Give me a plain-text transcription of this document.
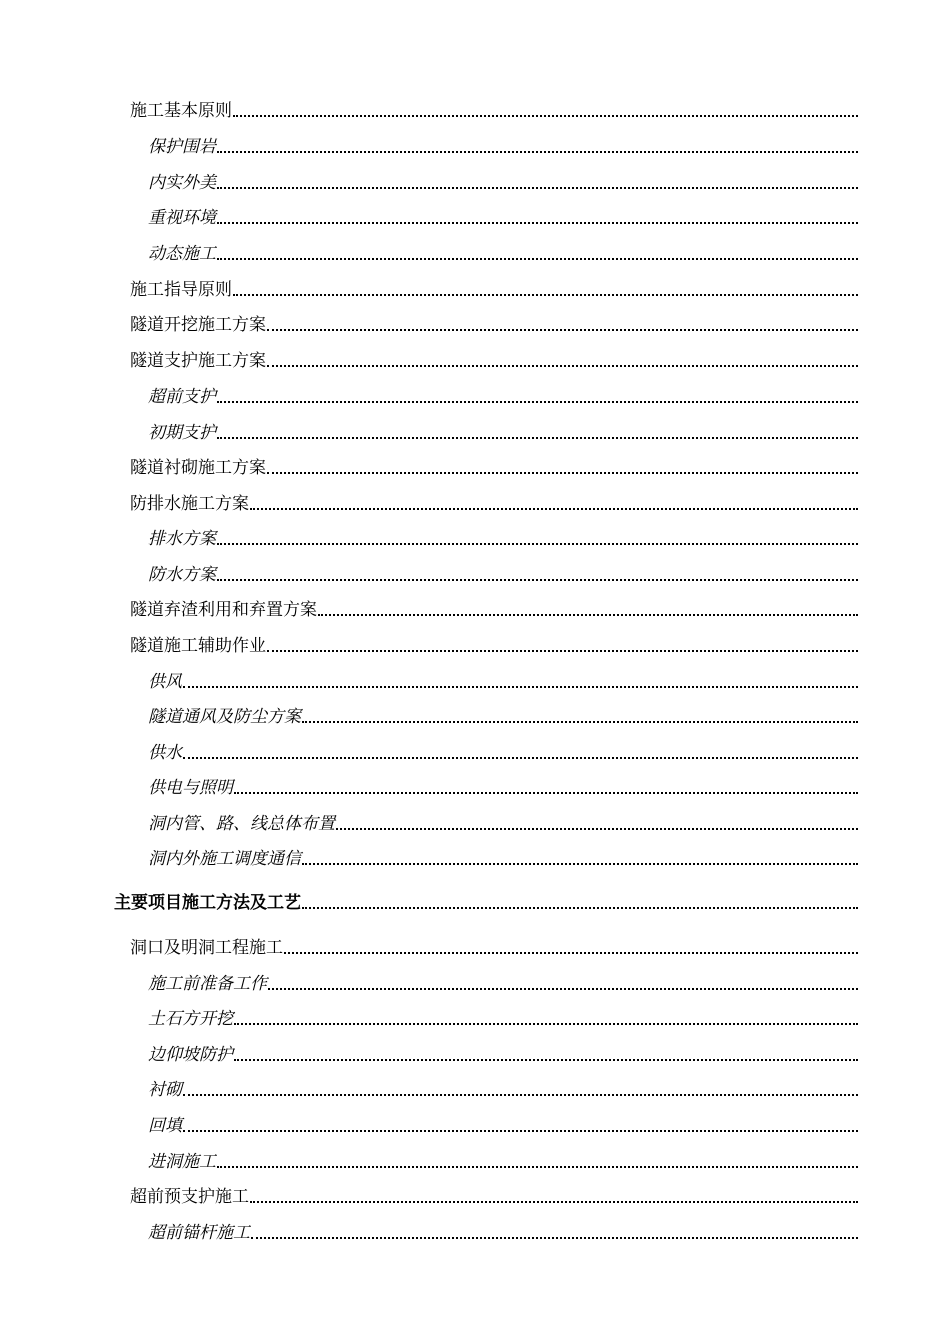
施工基本原则
保护围岩
内实外美
重视环境
动态施工
施工指导原则
隧道开挖施工方案
隧道支护施工方案
超前支护
初期支护
隧道衬砌施工方案
防排水施工方案
排水方案
防水方案
隧道弃渣利用和弃置方案
隧道施工辅助作业
供风
隧道通风及防尘方案
供水
供电与照明
洞内管、路、线总体布置
洞内外施工调度通信
主要项目施工方法及工艺
洞口及明洞工程施工
施工前准备工作
土石方开挖
边仰坡防护
衬砌
回填
进洞施工
超前预支护施工
超前锚杆施工
